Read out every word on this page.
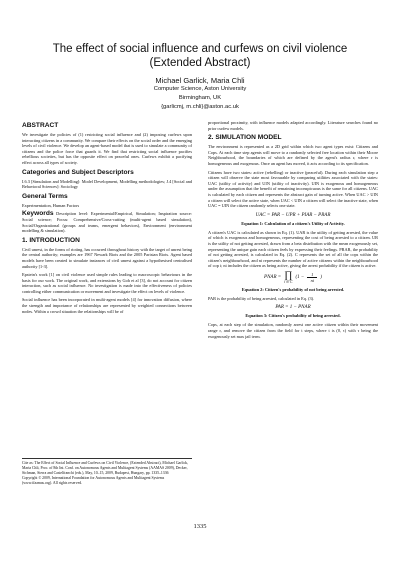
The effect of social influence and curfews on civil violence
(Extended Abstract)
Michael Garlick, Maria Chli
Computer Science, Aston University
Birmingham, UK
{garlicmj, m.chli}@aston.ac.uk
ABSTRACT

We investigate the policies of (1) restricting social influence and (2) imposing curfews upon interacting citizens in a community. We compare their effects on the social order and the emerging levels of civil violence. We develop an agent-based model that is used to simulate a community of citizens and the police force that guards it. We find that restricting social influence pacifies rebellious societies, but has the opposite effect on peaceful ones. Curfews exhibit a pacifying effect across all types of society.

Categories and Subject Descriptors

I.6.3 [Simulation and Modelling]: Model Development, Modelling methodologies; J.4 [Social and Behavioral Sciences]: Sociology

General Terms

Experimentation, Human Factors

Keywords Description level: Experimental/Empirical, Simulation; Inspiration source: Social science; Focus: Comprehensive/Cross-cutting (multi-agent based simulation), Social/Organizational (groups and teams, emergent behaviors), Environment (environment modelling & simulation).

1. INTRODUCTION

Civil unrest, in the forms of rioting, has occurred throughout history with the target of unrest being the central authority; examples are 1967 Newark Riots and the 2005 Parisian Riots. Agent based models have been created to simulate instances of civil unrest against a hypothesised centralised authority [1-3].

Epstein's work [1] on civil violence used simple rules leading to macroscopic behaviours in the basis for our work. The original work, and extensions by Goh et al [3], do not account for citizen interaction, such as social influence. No investigation is made into the effectiveness of policies controlling either communication or movement and investigate the effect on levels of violence.

Social influence has been incorporated in multi-agent models [4] for innovation diffusion, where the strength and importance of relationships are represented by weighted connections between nodes. Within a crowd situation the relationships will be of

Cite as: The Effect of Social Influence and Curfews on Civil Violence, (Extended Abstract), Michael Garlick, Maria Chli, Proc. of 8th Int. Conf. on Autonomous Agents and Multiagent Systems (AAMAS 2009), Decker, Sichman, Sierra and Castelfranchi (eds.), May, 10–15, 2009, Budapest, Hungary, pp. 1335–1336

Copyright © 2009, International Foundation for Autonomous Agents and Multiagent Systems (www.ifaamas.org). All rights reserved.

proportional proximity, with influence models adapted accordingly. Literature searches found no prior curfew models.

2. SIMULATION MODEL

The environment is represented as a 2D grid within which two agent types exist: Citizens and Cops. At each time step agents will move to a randomly selected free location within their Moore Neighbourhood, the boundaries of which are defined by the agent's radius r, where r is homogeneous and exogenous. Once an agent has moved, it acts according to its specification.

Citizens have two states: active (rebelling) or inactive (peaceful). During each simulation step a citizen will observe the state most favourable by comparing utilities associated with the states: UAC (utility of activity) and UIN (utility of inactivity). UIN is exogenous and homogeneous under the assumption that the benefit of remaining inconspicuous is the same for all citizens. UAC is calculated by each citizen and represents the abstract gain of turning active. When UAC > UIN a citizen will select the active state, when UAC < UIN a citizen will select the inactive state, when UAC = UIN the citizen randomly selects one state.

UAC = PAR − UPR + PIAR − PRAR
Equation 1: Calculation of a citizen's Utility of Activity.

A citizen's UAC is calculated as shown in Eq. (1). UAR is the utility of getting arrested, the value of which is exogenous and homogeneous, representing the cost of being arrested to a citizen. UR is the utility of not getting arrested, drawn from a beta distribution with the mean exogenously set, representing the unique gain each citizen feels by expressing their feelings. PRAR, the probability of not getting arrested, is calculated in Eq. (2). C represents the set of all the cops within the citizen's neighbourhood, and ni represents the number of active citizens within the neighbourhood of cop i; ni includes the citizen as being active, giving the arrest probability if the citizen is active.

PNAR = ∏
i ∈ C
($1 - \frac{1}{ni}$ )
Equation 2: Citizen's probability of not being arrested.

PAR is the probability of being arrested, calculated in Eq. (3).

PAR = 1 − PNAR
Equation 3: Citizen's probability of being arrested.

Cops, at each step of the simulation, randomly arrest one active citizen within their movement range r, and remove the citizen from the field for t steps, where t is (0, τ) with τ being the exogenously set max jail term.

1335
